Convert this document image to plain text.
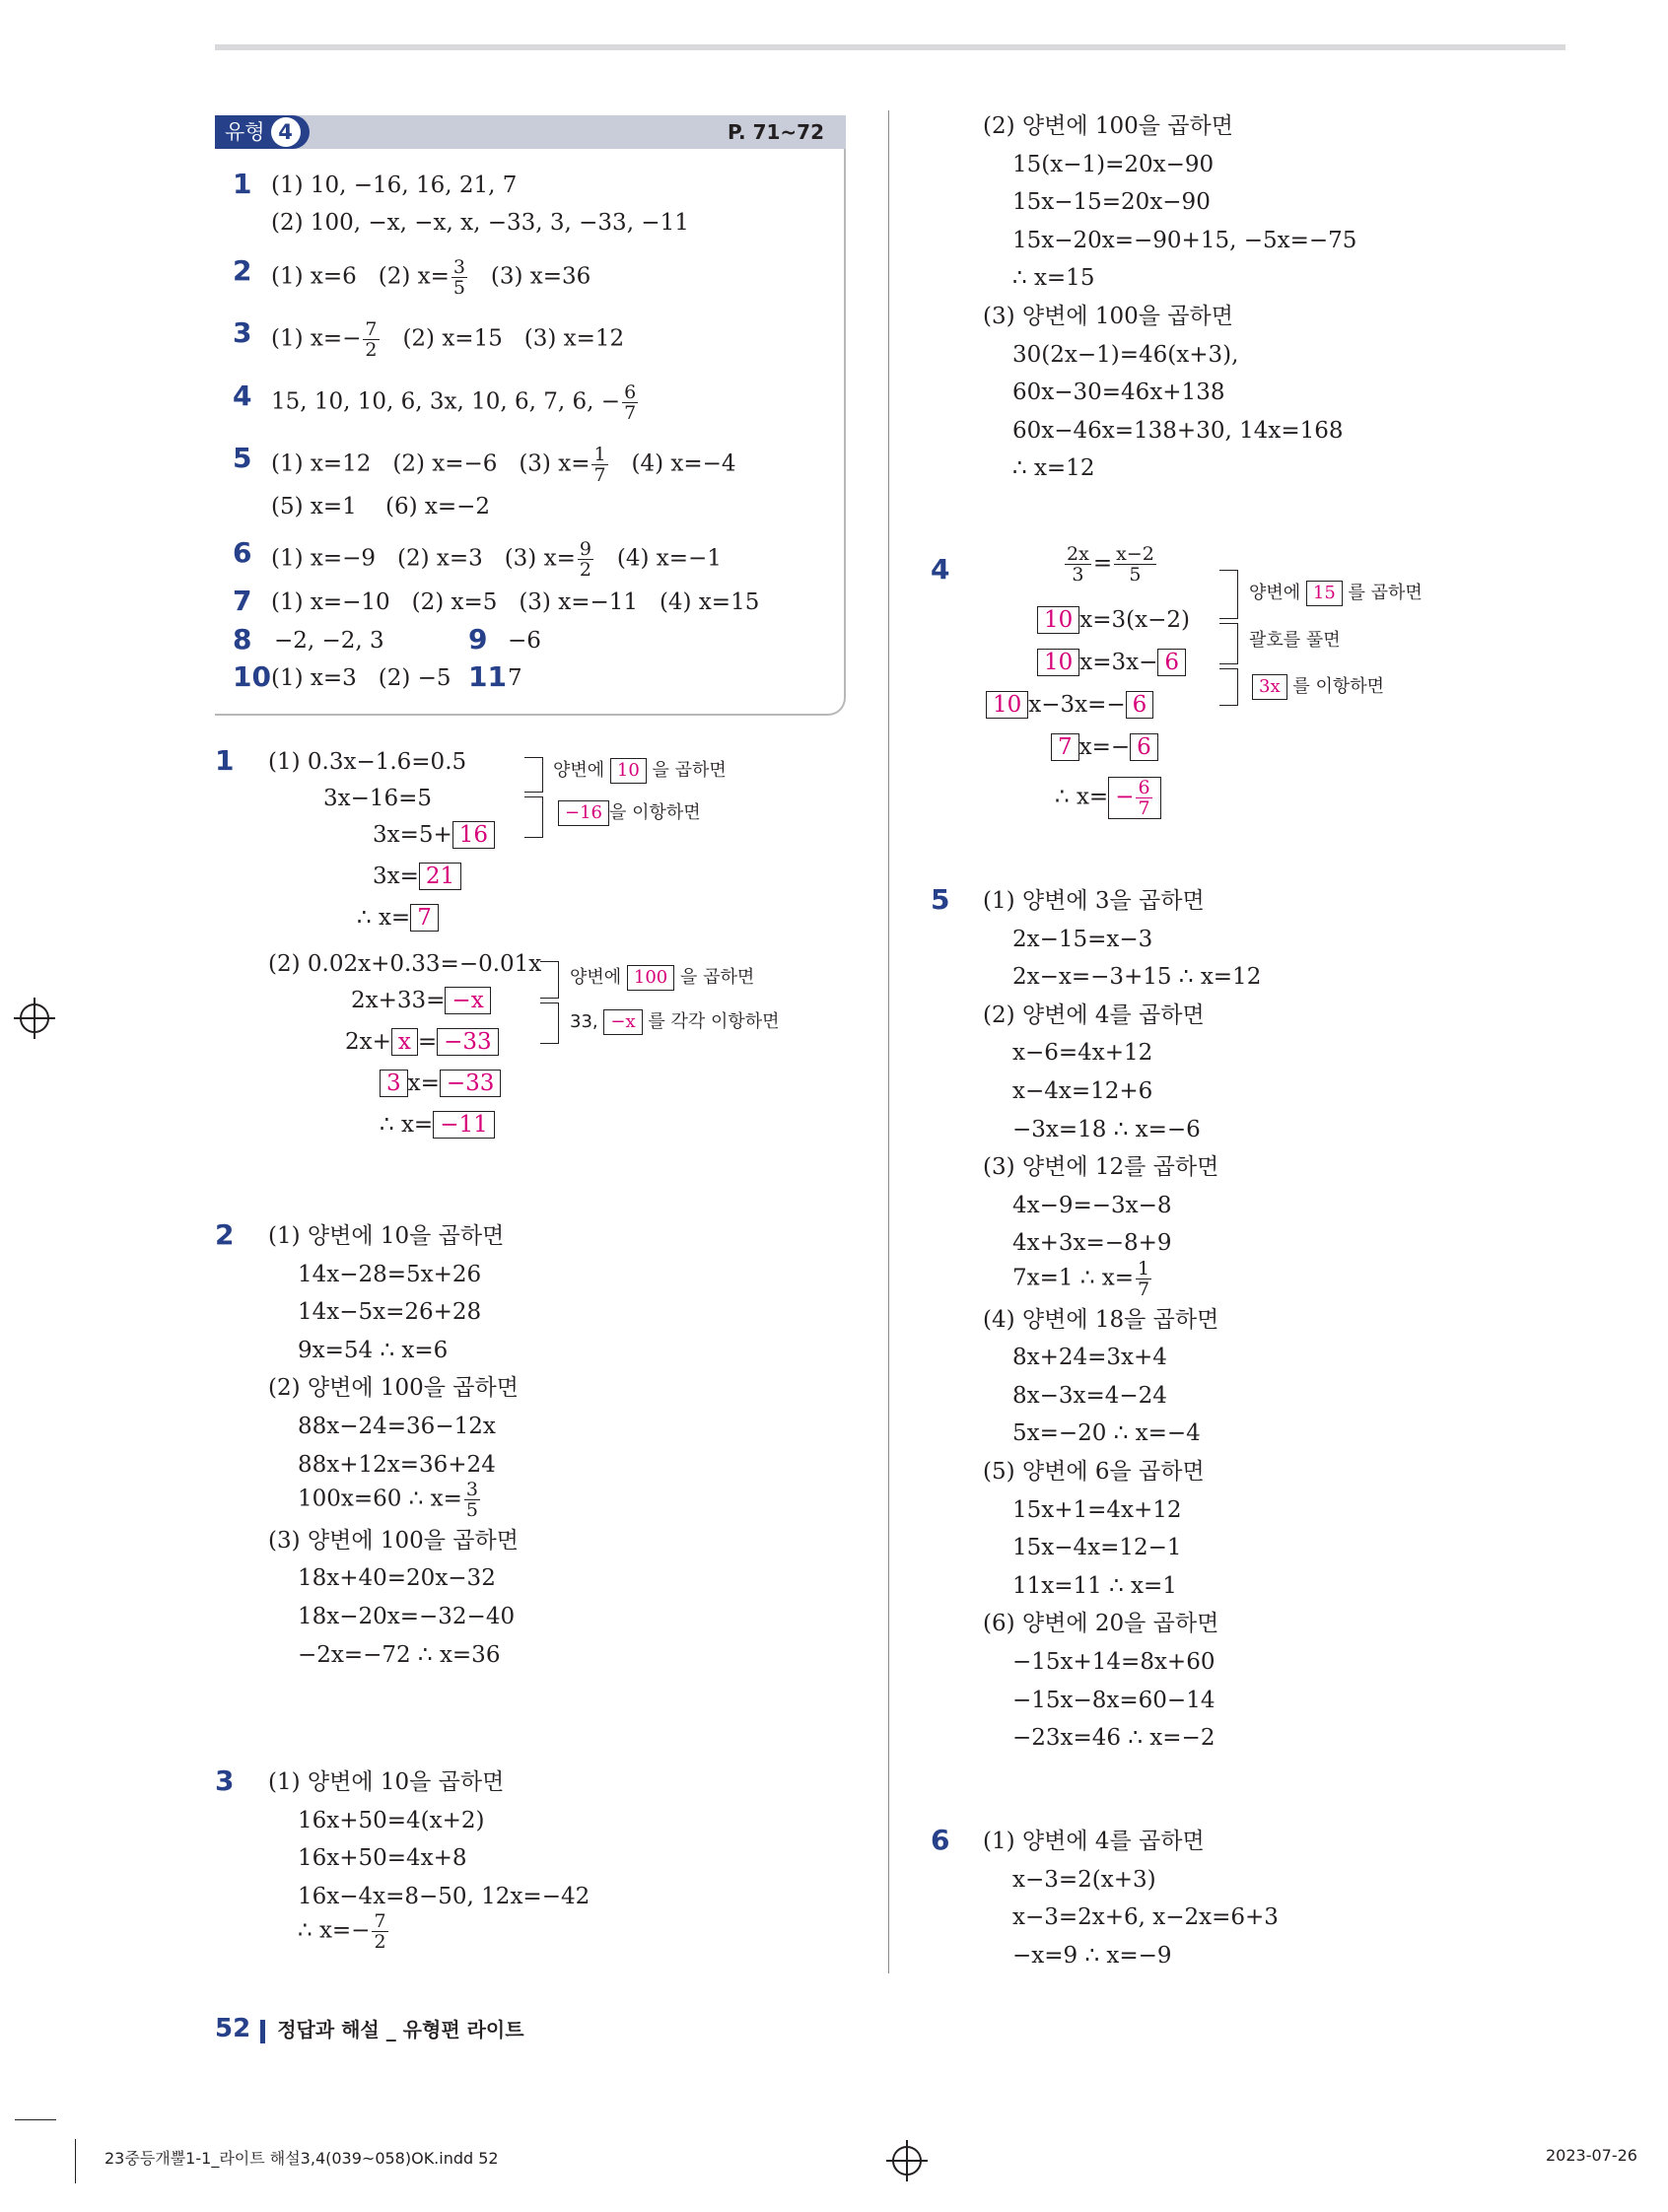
유형 4	P. 71~72
1 (1) 10, −16, 16, 21, 7
(2) 100, −x, −x, x, −33, 3, −33, −11
2 (1) x=6 (2) $x= \frac{3}{5} (3)$ x=36
3 (1) $x=- \frac{7}{2} (2)$ x=15 (3) x=12
4 15, 10, 10, 6, 3x, 10, 6, 7, 6, − $\frac{6}{7}$
5 (1) x=12 (2) x=−6 (3) $x= \frac{1}{7} (4)$ x=−4
(5) x=1 (6) x=−2
6 (1) x=−9 (2) x=3 (3) $x= \frac{9}{2} (4)$ x=−1
7 (1) x=−10 (2) x=5 (3) x=−11 (4) x=15
8 −2, −2, 3	9 −6
10 (1) x=3 (2) −5 11 7
1 (1) 0.3x−1.6=0.5
3x−16=5
3x=5+ 16
3x= 21
∴ x= 7
양변에 10 을 곱하면
−16 을 이항하면
(2) 0.02x+0.33=−0.01x
2x+33= −x
2x+ x = −33
3 x= −33
∴ x= −11
양변에 100 을 곱하면
33, −x 를 각각 이항하면
2 (1) 양변에 10을 곱하면
14x−28=5x+26
14x−5x=26+28
9x=54 ∴ x=6
(2) 양변에 100을 곱하면
88x−24=36−12x
88x+12x=36+24
100x=60 ∴ $x= \frac{3}{5}$
(3) 양변에 100을 곱하면
18x+40=20x−32
18x−20x=−32−40
−2x=−72 ∴ x=36
3 (1) 양변에 10을 곱하면
16x+50=4(x+2)
16x+50=4x+8
16x−4x=8−50, 12x=−42
∴ $x=- \frac{7}{2}$
(2) 양변에 100을 곱하면
15(x−1)=20x−90
15x−15=20x−90
15x−20x=−90+15, −5x=−75
∴ x=15
(3) 양변에 100을 곱하면
30(2x−1)=46(x+3),
60x−30=46x+138
60x−46x=138+30, 14x=168
∴ x=12
4	$\frac{2x}{3} = \frac{x-2}{5}$
10 x=3(x−2)
10 x=3x− 6
10 x−3x=− 6
7 x=− 6
∴ $x= - \frac{6}{7}$
양변에 15 를 곱하면
괄호를 풀면
3x 를 이항하면
5 (1) 양변에 3을 곱하면
2x−15=x−3
2x−x=−3+15 ∴ x=12
(2) 양변에 4를 곱하면
x−6=4x+12
x−4x=12+6
−3x=18 ∴ x=−6
(3) 양변에 12를 곱하면
4x−9=−3x−8
4x+3x=−8+9
7x=1 ∴ $x= \frac{1}{7}$
(4) 양변에 18을 곱하면
8x+24=3x+4
8x−3x=4−24
5x=−20 ∴ x=−4
(5) 양변에 6을 곱하면
15x+1=4x+12
15x−4x=12−1
11x=11 ∴ x=1
(6) 양변에 20을 곱하면
−15x+14=8x+60
−15x−8x=60−14
−23x=46 ∴ x=−2
6 (1) 양변에 4를 곱하면
x−3=2(x+3)
x−3=2x+6, x−2x=6+3
−x=9 ∴ x=−9
52 정답과 해설 _ 유형편 라이트
23중등개뿔1-1_라이트 해설3,4(039~058)OK.indd 52	2023-07-26
